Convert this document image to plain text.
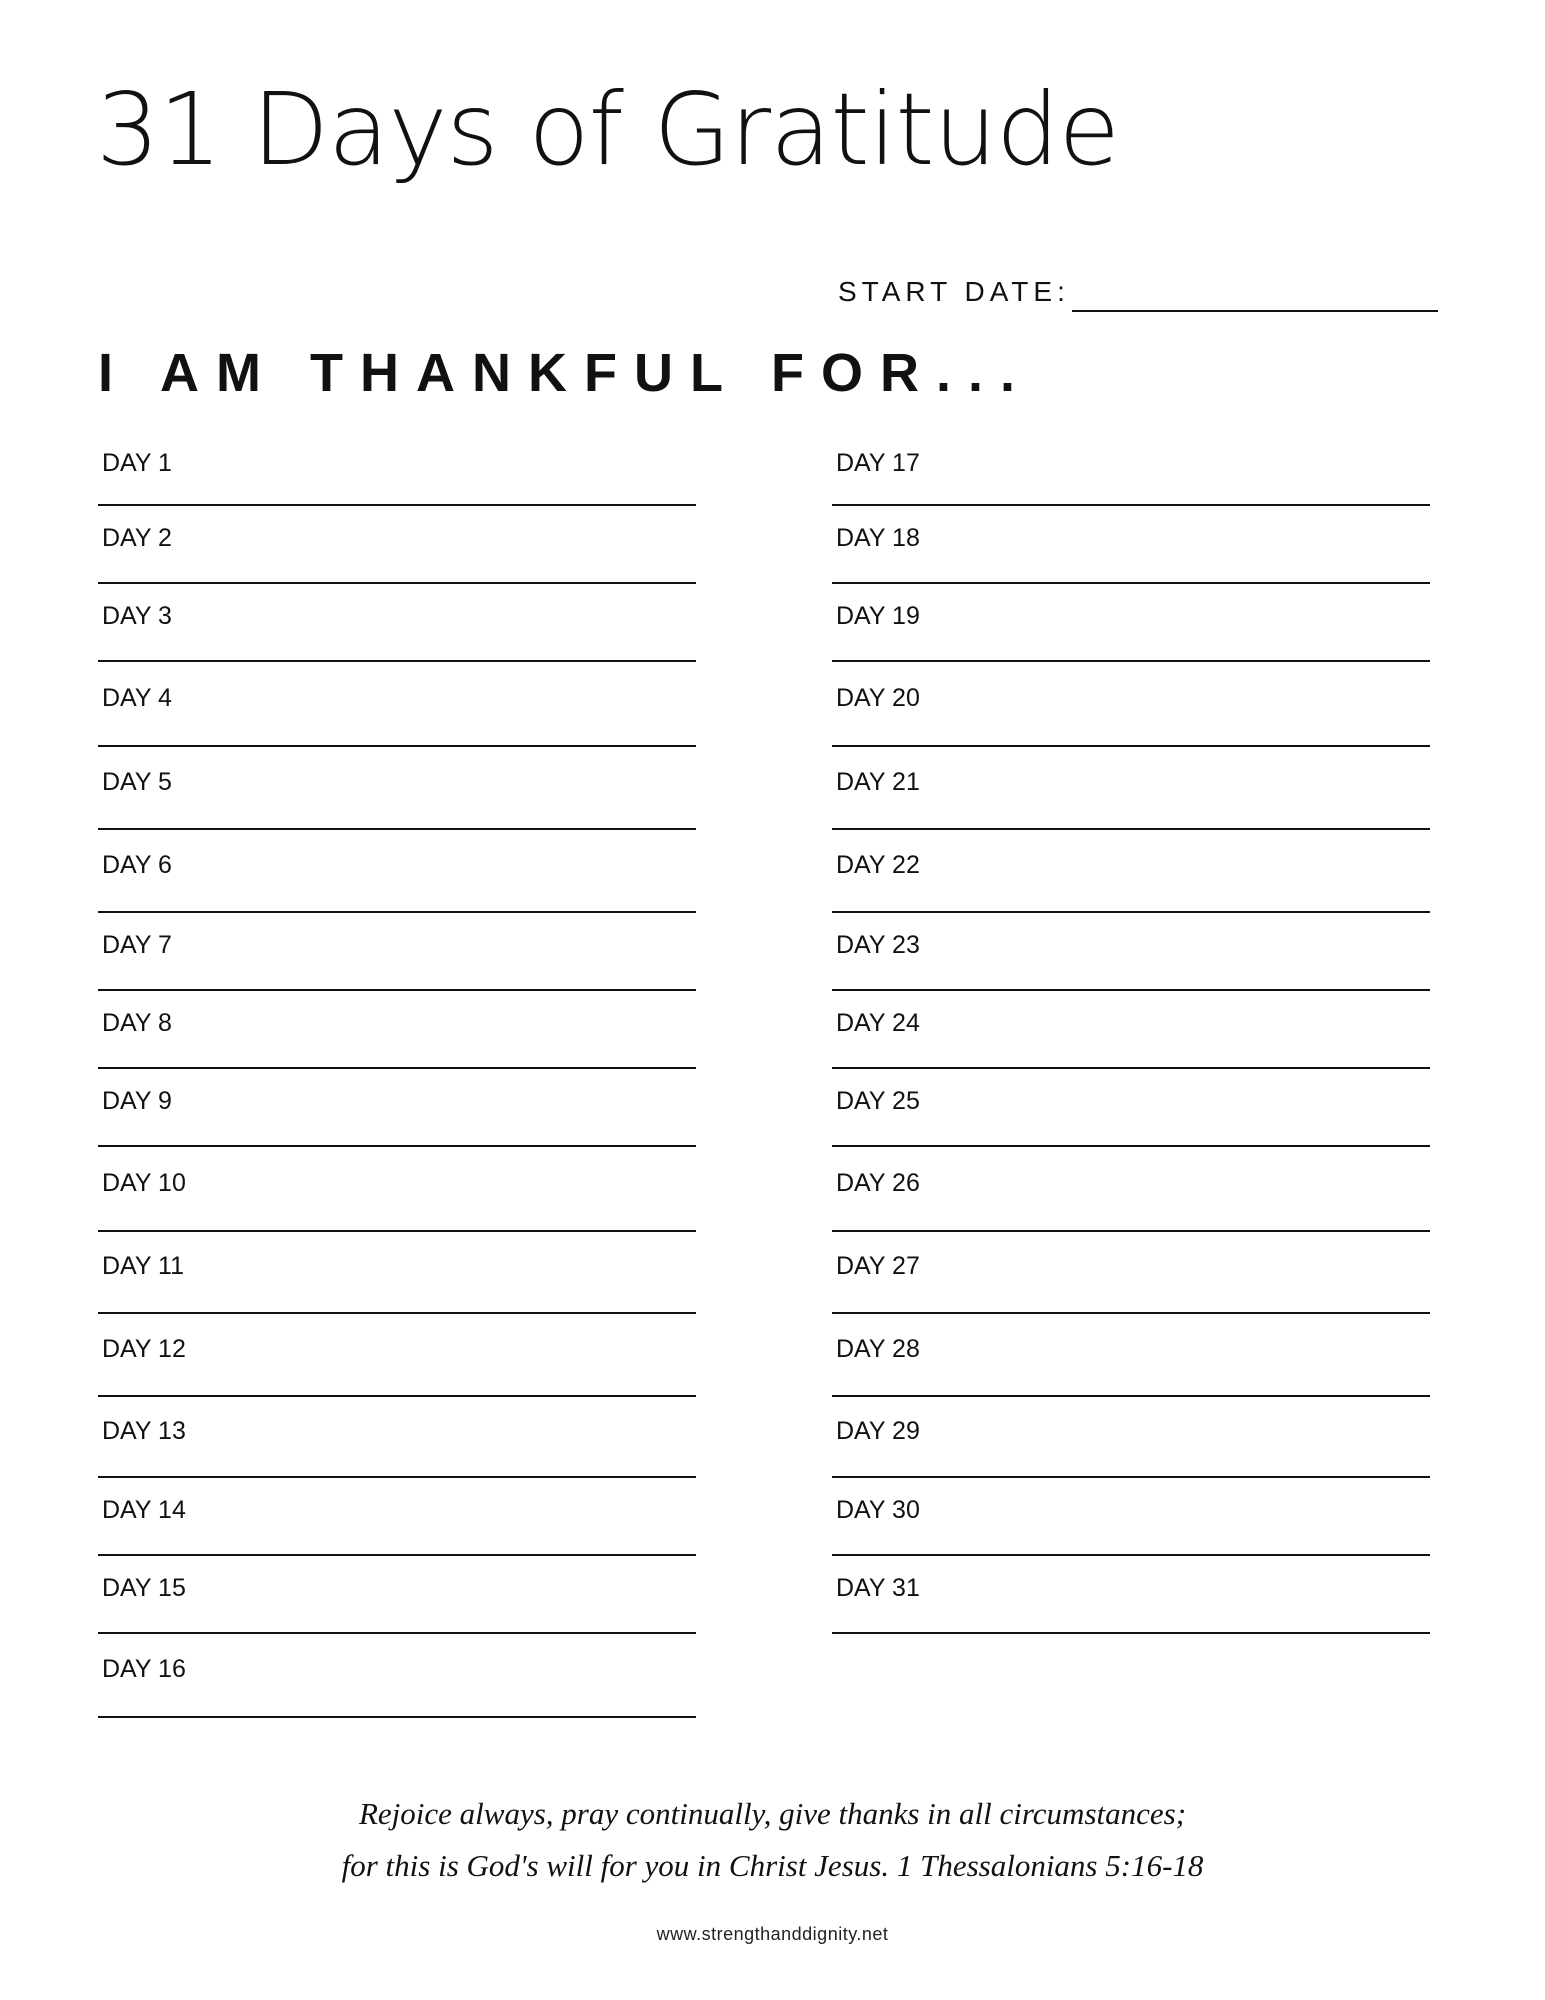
31 Days of Gratitude
START DATE:
I AM THANKFUL FOR...
DAY 1
DAY 2
DAY 3
DAY 4
DAY 5
DAY 6
DAY 7
DAY 8
DAY 9
DAY 10
DAY 11
DAY 12
DAY 13
DAY 14
DAY 15
DAY 16
DAY 17
DAY 18
DAY 19
DAY 20
DAY 21
DAY 22
DAY 23
DAY 24
DAY 25
DAY 26
DAY 27
DAY 28
DAY 29
DAY 30
DAY 31
Rejoice always, pray continually, give thanks in all circumstances;
for this is God's will for you in Christ Jesus. 1 Thessalonians 5:16-18
www.strengthanddignity.net
